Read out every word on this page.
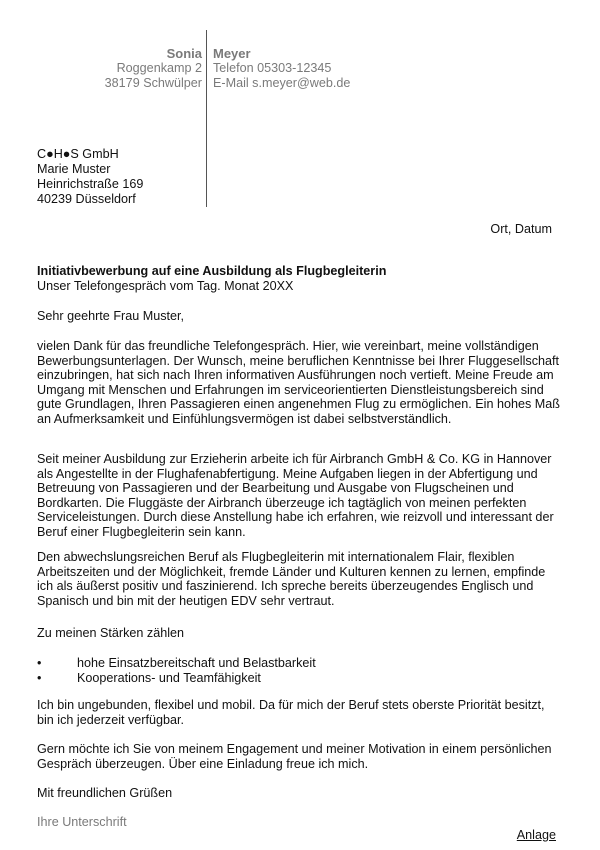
Sonia
Roggenkamp 2
38179 Schwülper
Meyer
Telefon 05303-12345
E-Mail s.meyer@web.de
C●H●S GmbH
Marie Muster
Heinrichstraße 169
40239 Düsseldorf
Ort, Datum
Initiativbewerbung auf eine Ausbildung als Flugbegleiterin
Unser Telefongespräch vom Tag. Monat 20XX
Sehr geehrte Frau Muster,
vielen Dank für das freundliche Telefongespräch. Hier, wie vereinbart, meine vollständigen Bewerbungsunterlagen. Der Wunsch, meine beruflichen Kenntnisse bei Ihrer Fluggesellschaft einzubringen, hat sich nach Ihren informativen Ausführungen noch vertieft. Meine Freude am Umgang mit Menschen und Erfahrungen im serviceorientierten Dienstleistungsbereich sind gute Grundlagen, Ihren Passagieren einen angenehmen Flug zu ermöglichen. Ein hohes Maß an Aufmerksamkeit und Einfühlungsvermögen ist dabei selbstverständlich.
Seit meiner Ausbildung zur Erzieherin arbeite ich für Airbranch GmbH & Co. KG in Hannover als Angestellte in der Flughafenabfertigung. Meine Aufgaben liegen in der Abfertigung und Betreuung von Passagieren und der Bearbeitung und Ausgabe von Flugscheinen und Bordkarten. Die Fluggäste der Airbranch überzeuge ich tagtäglich von meinen perfekten Serviceleistungen. Durch diese Anstellung habe ich erfahren, wie reizvoll und interessant der Beruf einer Flugbegleiterin sein kann.
Den abwechslungsreichen Beruf als Flugbegleiterin mit internationalem Flair, flexiblen Arbeitszeiten und der Möglichkeit, fremde Länder und Kulturen kennen zu lernen, empfinde ich als äußerst positiv und faszinierend. Ich spreche bereits überzeugendes Englisch und Spanisch und bin mit der heutigen EDV sehr vertraut.
Zu meinen Stärken zählen
•	hohe Einsatzbereitschaft und Belastbarkeit
•	Kooperations- und Teamfähigkeit
Ich bin ungebunden, flexibel und mobil. Da für mich der Beruf stets oberste Priorität besitzt, bin ich jederzeit verfügbar.
Gern möchte ich Sie von meinem Engagement und meiner Motivation in einem persönlichen Gespräch überzeugen. Über eine Einladung freue ich mich.
Mit freundlichen Grüßen
Ihre Unterschrift
Anlage
